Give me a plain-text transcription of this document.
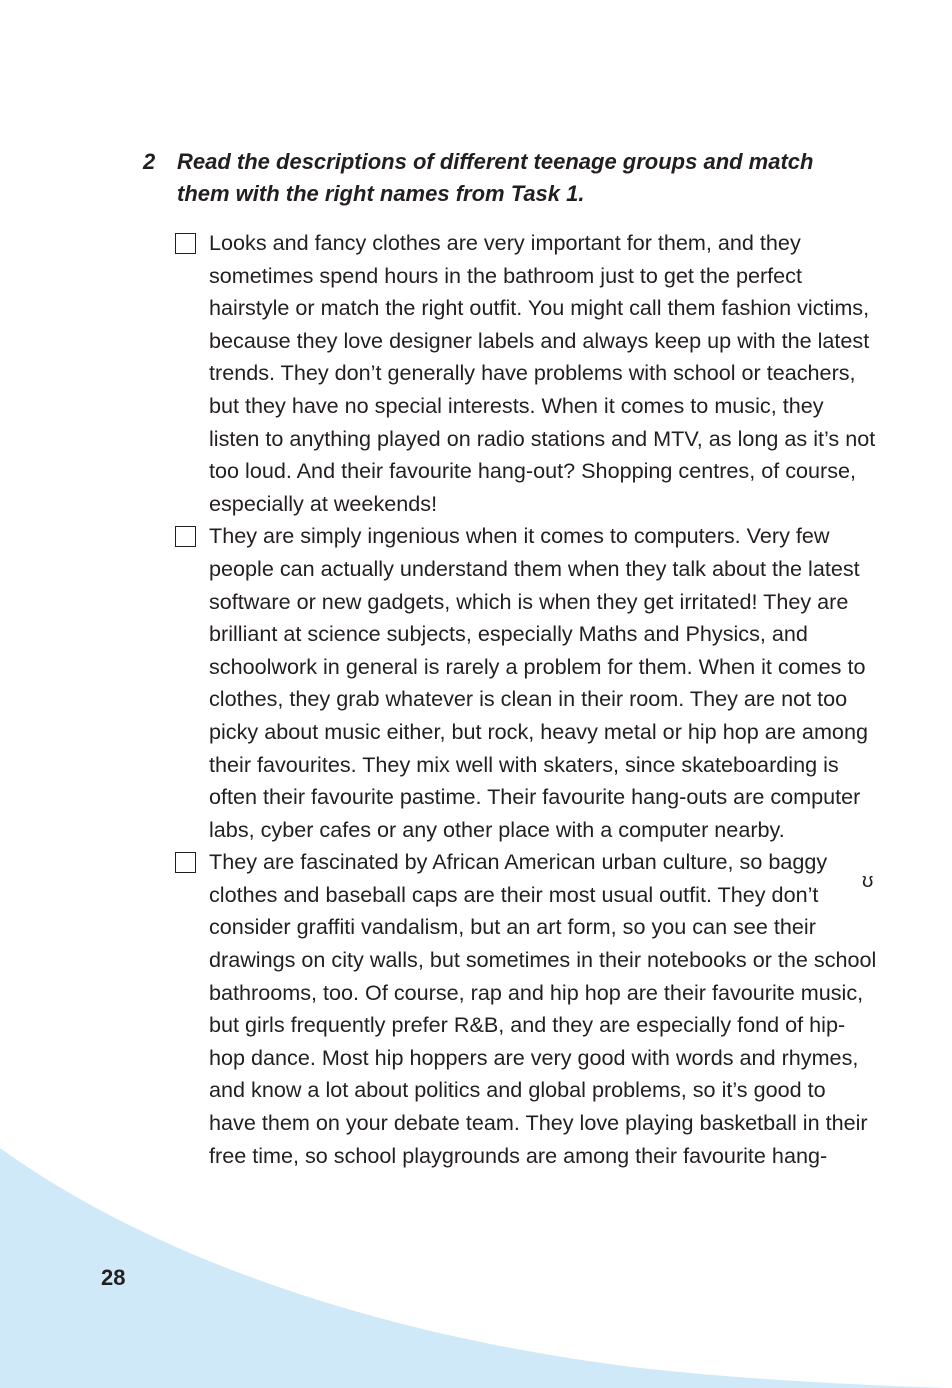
2 Read the descriptions of different teenage groups and match them with the right names from Task 1.
Looks and fancy clothes are very important for them, and they sometimes spend hours in the bathroom just to get the perfect hairstyle or match the right outfit. You might call them fashion victims, because they love designer labels and always keep up with the latest trends. They don’t generally have problems with school or teachers, but they have no special interests. When it comes to music, they listen to anything played on radio stations and MTV, as long as it’s not too loud. And their favourite hang-out? Shopping centres, of course, especially at weekends!
They are simply ingenious when it comes to computers. Very few people can actually understand them when they talk about the latest software or new gadgets, which is when they get irritated! They are brilliant at science subjects, especially Maths and Physics, and schoolwork in general is rarely a problem for them. When it comes to clothes, they grab whatever is clean in their room. They are not too picky about music either, but rock, heavy metal or hip hop are among their favourites. They mix well with skaters, since skateboarding is often their favourite pastime. Their favourite hang-outs are computer labs, cyber cafes or any other place with a computer nearby.
They are fascinated by African American urban culture, so baggy clothes and baseball caps are their most usual outfit. They don’t consider graffiti vandalism, but an art form, so you can see their drawings on city walls, but sometimes in their notebooks or the school bathrooms, too. Of course, rap and hip hop are their favourite music, but girls frequently prefer R&B, and they are especially fond of hip-hop dance. Most hip hoppers are very good with words and rhymes, and know a lot about politics and global problems, so it’s good to have them on your debate team. They love playing basketball in their free time, so school playgrounds are among their favourite hang-
ʊ
28
